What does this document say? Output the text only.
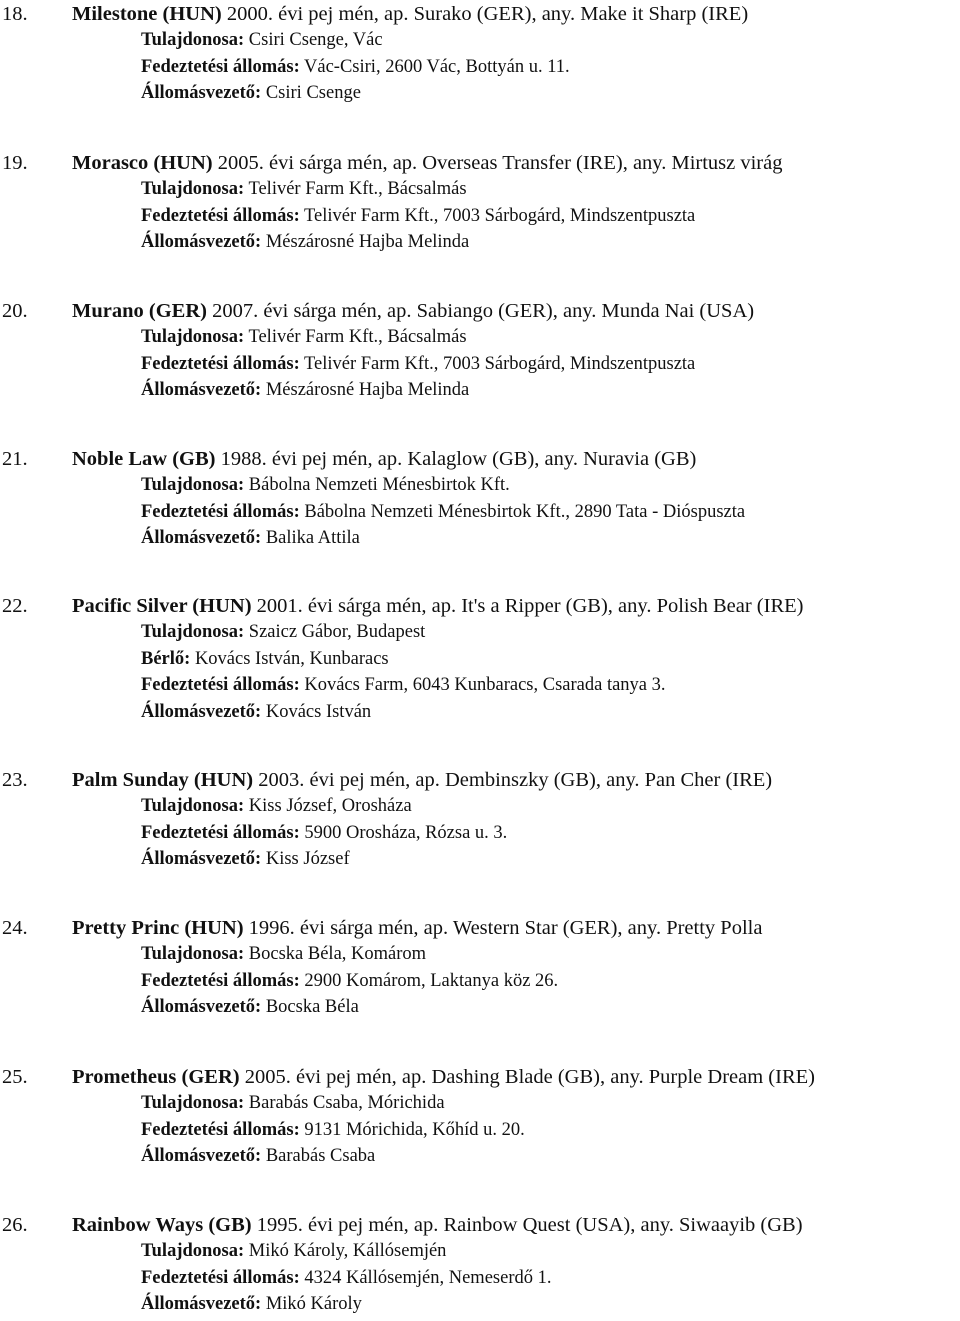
18. Milestone (HUN) 2000. évi pej mén, ap. Surako (GER), any. Make it Sharp (IRE)
Tulajdonosa: Csiri Csenge, Vác
Fedeztetési állomás: Vác-Csiri, 2600 Vác, Bottyán u. 11.
Állomásvezető: Csiri Csenge
19. Morasco (HUN) 2005. évi sárga mén, ap. Overseas Transfer (IRE), any. Mirtusz virág
Tulajdonosa: Telivér Farm Kft., Bácsalmás
Fedeztetési állomás: Telivér Farm Kft., 7003 Sárbogárd, Mindszentpuszta
Állomásvezető: Mészárosné Hajba Melinda
20. Murano (GER) 2007. évi sárga mén, ap. Sabiango (GER), any. Munda Nai (USA)
Tulajdonosa: Telivér Farm Kft., Bácsalmás
Fedeztetési állomás: Telivér Farm Kft., 7003 Sárbogárd, Mindszentpuszta
Állomásvezető: Mészárosné Hajba Melinda
21. Noble Law (GB) 1988. évi pej mén, ap. Kalaglow (GB), any. Nuravia (GB)
Tulajdonosa: Bábolna Nemzeti Ménesbirtok Kft.
Fedeztetési állomás: Bábolna Nemzeti Ménesbirtok Kft., 2890 Tata - Dióspuszta
Állomásvezető: Balika Attila
22. Pacific Silver (HUN) 2001. évi sárga mén, ap. It's a Ripper (GB), any. Polish Bear (IRE)
Tulajdonosa: Szaicz Gábor, Budapest
Bérlő: Kovács István, Kunbaracs
Fedeztetési állomás: Kovács Farm, 6043 Kunbaracs, Csarada tanya 3.
Állomásvezető: Kovács István
23. Palm Sunday (HUN) 2003. évi pej mén, ap. Dembinszky (GB), any. Pan Cher (IRE)
Tulajdonosa: Kiss József, Orosháza
Fedeztetési állomás: 5900 Orosháza, Rózsa u. 3.
Állomásvezető: Kiss József
24. Pretty Princ (HUN) 1996. évi sárga mén, ap. Western Star (GER), any. Pretty Polla
Tulajdonosa: Bocska Béla, Komárom
Fedeztetési állomás: 2900 Komárom, Laktanya köz 26.
Állomásvezető: Bocska Béla
25. Prometheus (GER) 2005. évi pej mén, ap. Dashing Blade (GB), any. Purple Dream (IRE)
Tulajdonosa: Barabás Csaba, Mórichida
Fedeztetési állomás: 9131 Mórichida, Kőhíd u. 20.
Állomásvezető: Barabás Csaba
26. Rainbow Ways (GB) 1995. évi pej mén, ap. Rainbow Quest (USA), any. Siwaayib (GB)
Tulajdonosa: Mikó Károly, Kállósemjén
Fedeztetési állomás: 4324 Kállósemjén, Nemeserdő 1.
Állomásvezető: Mikó Károly
